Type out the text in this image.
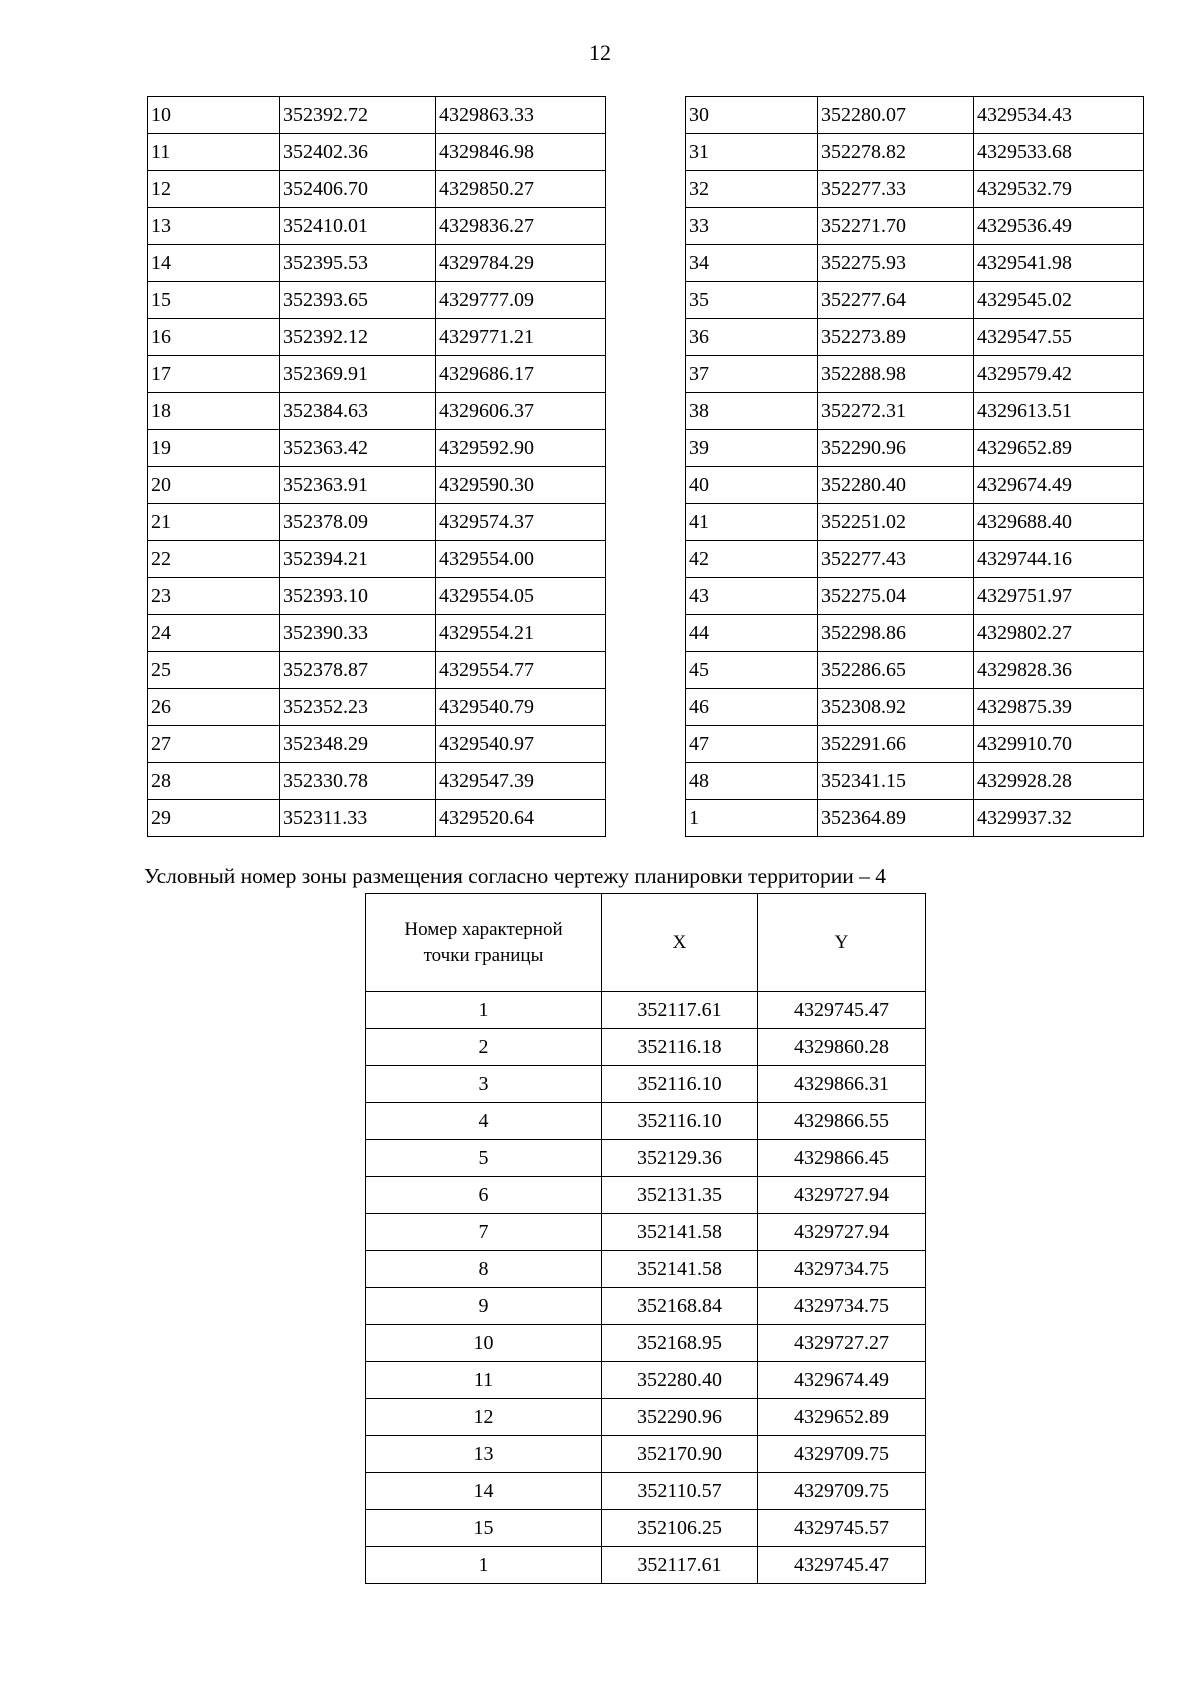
12
10	352392.72	4329863.33
11	352402.36	4329846.98
12	352406.70	4329850.27
13	352410.01	4329836.27
14	352395.53	4329784.29
15	352393.65	4329777.09
16	352392.12	4329771.21
17	352369.91	4329686.17
18	352384.63	4329606.37
19	352363.42	4329592.90
20	352363.91	4329590.30
21	352378.09	4329574.37
22	352394.21	4329554.00
23	352393.10	4329554.05
24	352390.33	4329554.21
25	352378.87	4329554.77
26	352352.23	4329540.79
27	352348.29	4329540.97
28	352330.78	4329547.39
29	352311.33	4329520.64
30	352280.07	4329534.43
31	352278.82	4329533.68
32	352277.33	4329532.79
33	352271.70	4329536.49
34	352275.93	4329541.98
35	352277.64	4329545.02
36	352273.89	4329547.55
37	352288.98	4329579.42
38	352272.31	4329613.51
39	352290.96	4329652.89
40	352280.40	4329674.49
41	352251.02	4329688.40
42	352277.43	4329744.16
43	352275.04	4329751.97
44	352298.86	4329802.27
45	352286.65	4329828.36
46	352308.92	4329875.39
47	352291.66	4329910.70
48	352341.15	4329928.28
1	352364.89	4329937.32
Условный номер зоны размещения согласно чертежу планировки территории – 4
Номер характерной
точки границы	X	Y
1	352117.61	4329745.47
2	352116.18	4329860.28
3	352116.10	4329866.31
4	352116.10	4329866.55
5	352129.36	4329866.45
6	352131.35	4329727.94
7	352141.58	4329727.94
8	352141.58	4329734.75
9	352168.84	4329734.75
10	352168.95	4329727.27
11	352280.40	4329674.49
12	352290.96	4329652.89
13	352170.90	4329709.75
14	352110.57	4329709.75
15	352106.25	4329745.57
1	352117.61	4329745.47
